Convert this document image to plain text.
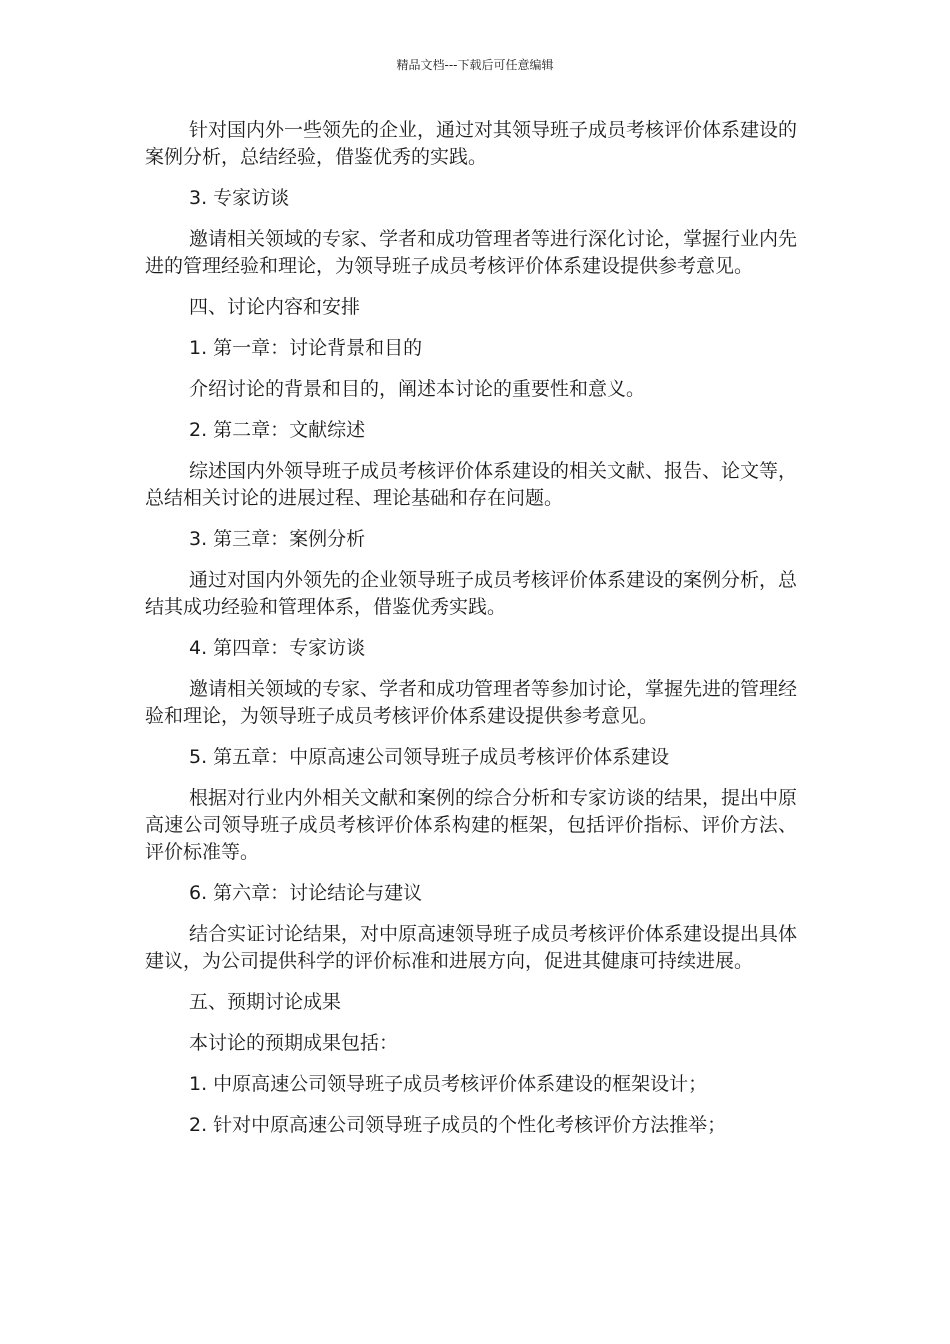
精品文档---下载后可任意编辑

针对国内外一些领先的企业，通过对其领导班子成员考核评价体系建设的案例分析，总结经验，借鉴优秀的实践。

3. 专家访谈

邀请相关领域的专家、学者和成功管理者等进行深化讨论，掌握行业内先进的管理经验和理论，为领导班子成员考核评价体系建设提供参考意见。

四、讨论内容和安排

1. 第一章：讨论背景和目的

介绍讨论的背景和目的，阐述本讨论的重要性和意义。

2. 第二章：文献综述

综述国内外领导班子成员考核评价体系建设的相关文献、报告、论文等，总结相关讨论的进展过程、理论基础和存在问题。

3. 第三章：案例分析

通过对国内外领先的企业领导班子成员考核评价体系建设的案例分析，总结其成功经验和管理体系，借鉴优秀实践。

4. 第四章：专家访谈

邀请相关领域的专家、学者和成功管理者等参加讨论，掌握先进的管理经验和理论，为领导班子成员考核评价体系建设提供参考意见。

5. 第五章：中原高速公司领导班子成员考核评价体系建设

根据对行业内外相关文献和案例的综合分析和专家访谈的结果，提出中原高速公司领导班子成员考核评价体系构建的框架，包括评价指标、评价方法、评价标准等。

6. 第六章：讨论结论与建议

结合实证讨论结果，对中原高速领导班子成员考核评价体系建设提出具体建议，为公司提供科学的评价标准和进展方向，促进其健康可持续进展。

五、预期讨论成果

本讨论的预期成果包括：

1. 中原高速公司领导班子成员考核评价体系建设的框架设计；

2. 针对中原高速公司领导班子成员的个性化考核评价方法推举；
